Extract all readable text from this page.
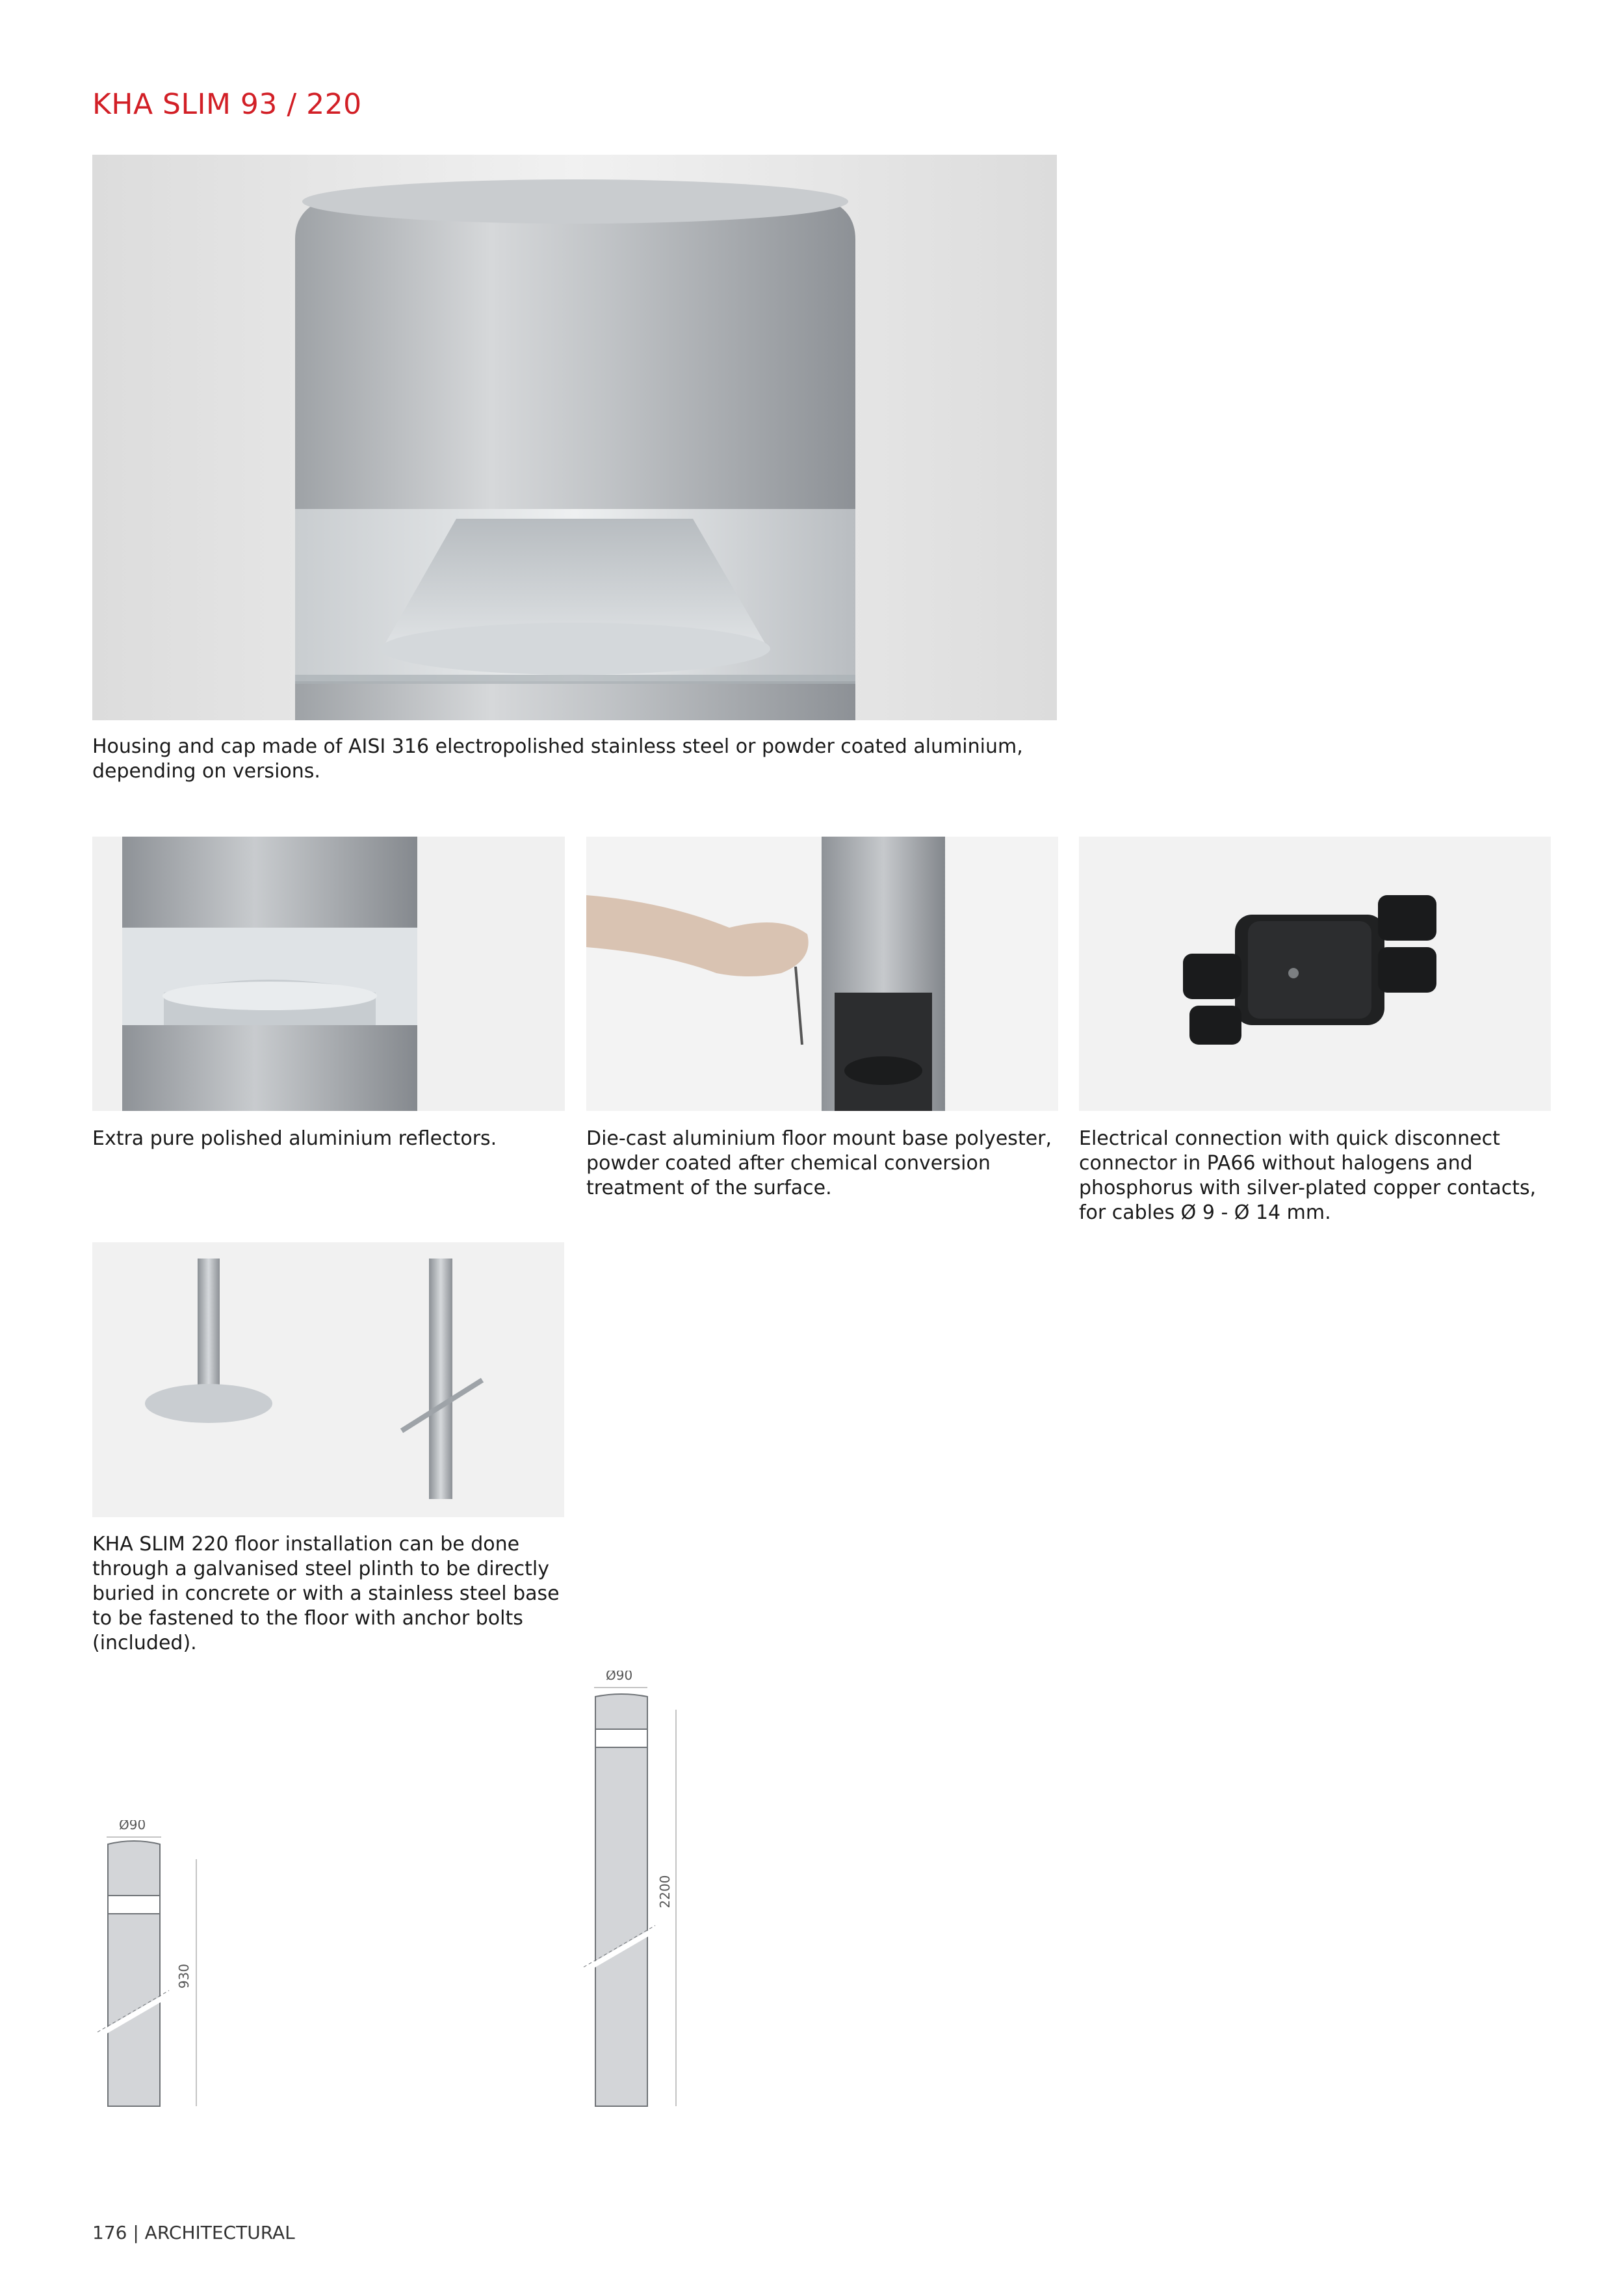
KHA SLIM 93 / 220
Housing and cap made of AISI 316 electropolished stainless steel or powder coated aluminium, depending on versions.
Extra pure polished aluminium reflectors.	Die-cast aluminium floor mount base polyester, powder coated after chemical conversion treatment of the surface.
Electrical connection with quick disconnect connector in PA66 without halogens and phosphorus with silver-plated copper contacts, for cables Ø 9 - Ø 14 mm.
KHA SLIM 220 floor installation can be done through a galvanised steel plinth to be directly buried in concrete or with a stainless steel base to be fastened to the floor with anchor bolts (included).
Ø90
930
Ø90
2200
176 | ARCHITECTURAL
